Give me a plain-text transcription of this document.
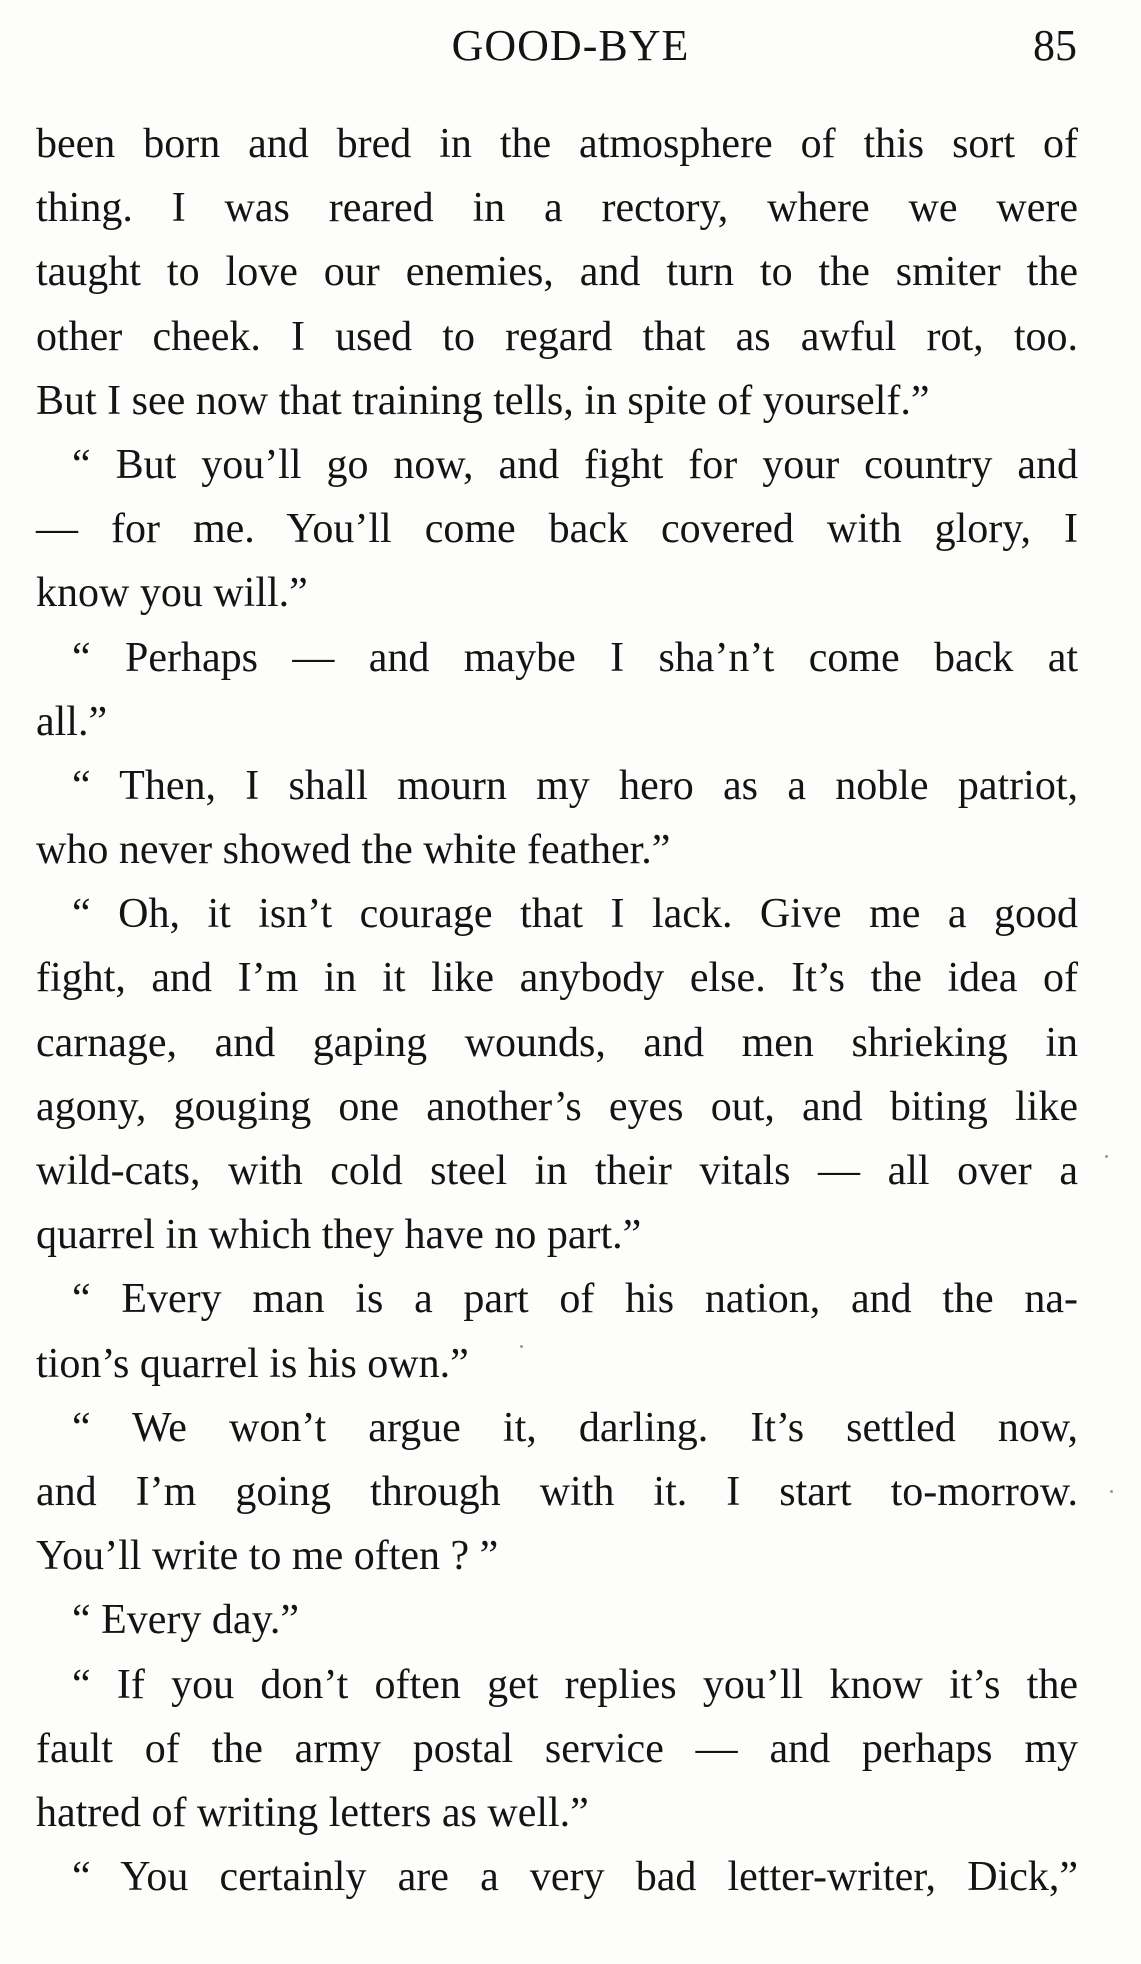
GOOD-BYE	85
been born and bred in the atmosphere of this sort of
thing. I was reared in a rectory, where we were
taught to love our enemies, and turn to the smiter the
other cheek. I used to regard that as awful rot, too.
But I see now that training tells, in spite of yourself.”
“ But you’ll go now, and fight for your country and
— for me. You’ll come back covered with glory, I
know you will.”
“ Perhaps — and maybe I sha’n’t come back at
all.”
“ Then, I shall mourn my hero as a noble patriot,
who never showed the white feather.”
“ Oh, it isn’t courage that I lack. Give me a good
fight, and I’m in it like anybody else. It’s the idea of
carnage, and gaping wounds, and men shrieking in
agony, gouging one another’s eyes out, and biting like
wild-cats, with cold steel in their vitals — all over a
quarrel in which they have no part.”
“ Every man is a part of his nation, and the na-
tion’s quarrel is his own.”
“ We won’t argue it, darling. It’s settled now,
and I’m going through with it. I start to-morrow.
You’ll write to me often ? ”
“ Every day.”
“ If you don’t often get replies you’ll know it’s the
fault of the army postal service — and perhaps my
hatred of writing letters as well.”
“ You certainly are a very bad letter-writer, Dick,”
